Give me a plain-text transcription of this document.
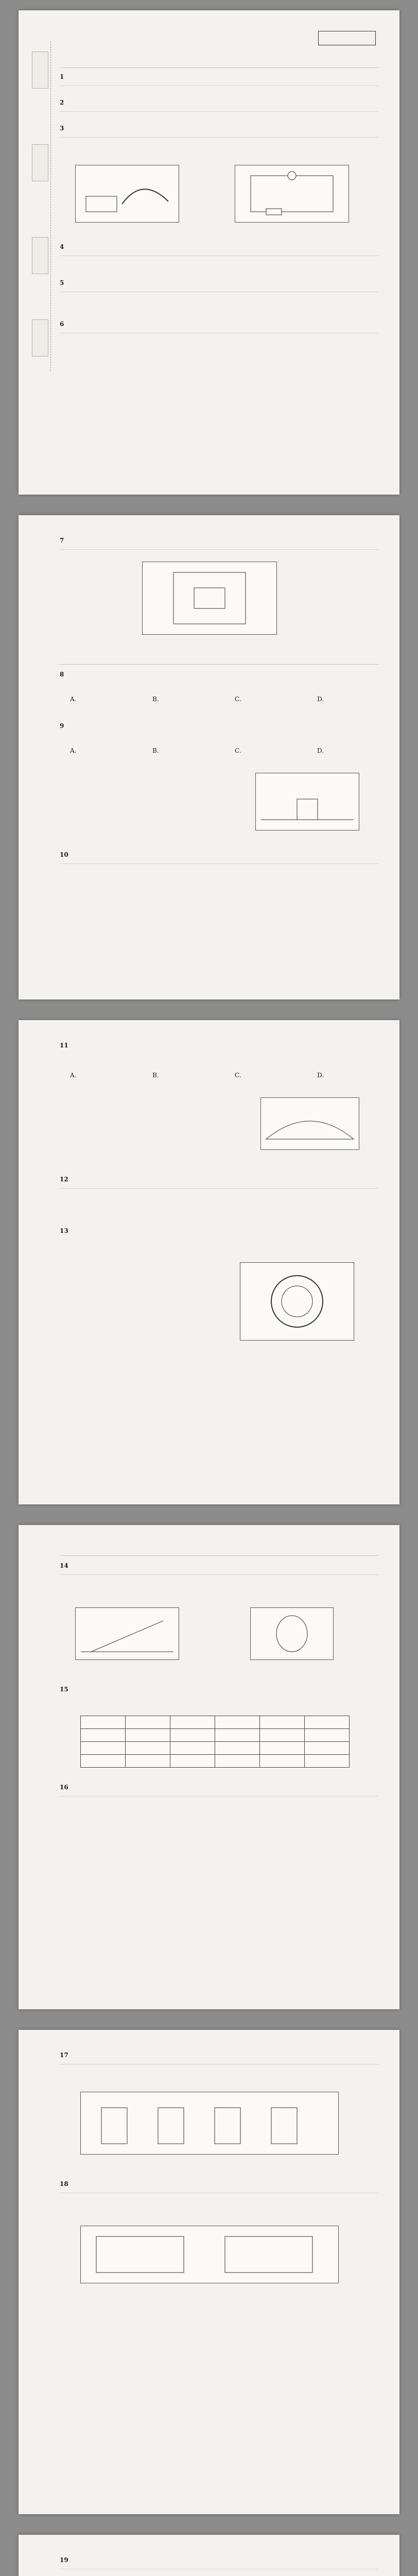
1
2
3
4
5
6
7
8
A.	B.	C.	D.
9
A.	B.	C.	D.
10
11
A.	B.	C.	D.
12
13
14
15

16
17
18
19
